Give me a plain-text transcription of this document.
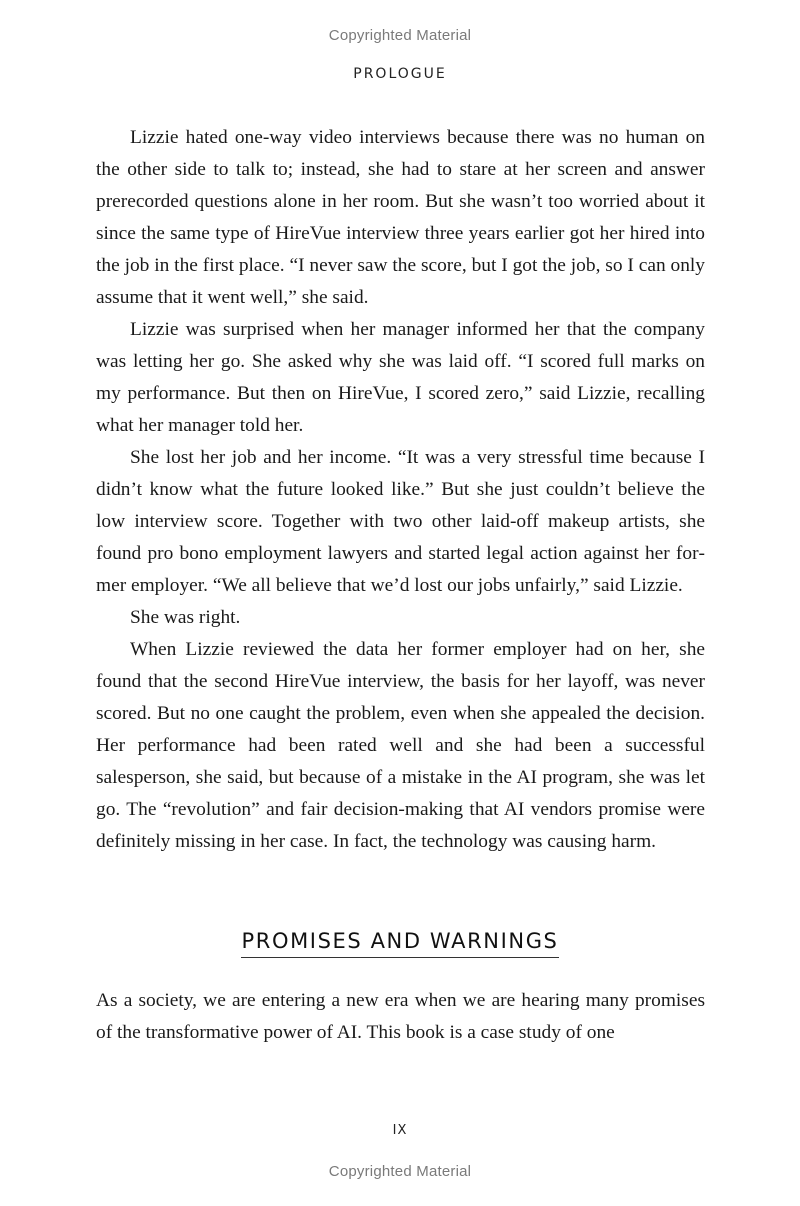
Copyrighted Material
PROLOGUE

Lizzie hated one-way video interviews because there was no human on the other side to talk to; instead, she had to stare at her screen and answer prerecorded questions alone in her room. But she wasn’t too worried about it since the same type of HireVue interview three years earlier got her hired into the job in the first place. “I never saw the score, but I got the job, so I can only assume that it went well,” she said.

Lizzie was surprised when her manager informed her that the company was letting her go. She asked why she was laid off. “I scored full marks on my performance. But then on HireVue, I scored zero,” said Lizzie, recalling what her manager told her.

She lost her job and her income. “It was a very stressful time because I didn’t know what the future looked like.” But she just couldn’t believe the low interview score. Together with two other laid-off makeup artists, she found pro bono employment lawyers and started legal action against her former employer. “We all believe that we’d lost our jobs unfairly,” said Lizzie.

She was right.

When Lizzie reviewed the data her former employer had on her, she found that the second HireVue interview, the basis for her layoff, was never scored. But no one caught the problem, even when she appealed the decision. Her performance had been rated well and she had been a successful salesperson, she said, but because of a mistake in the AI program, she was let go. The “revolution” and fair decision-making that AI vendors promise were definitely missing in her case. In fact, the technology was causing harm.

PROMISES AND WARNINGS

As a society, we are entering a new era when we are hearing many promises of the transformative power of AI. This book is a case study of one

IX
Copyrighted Material
